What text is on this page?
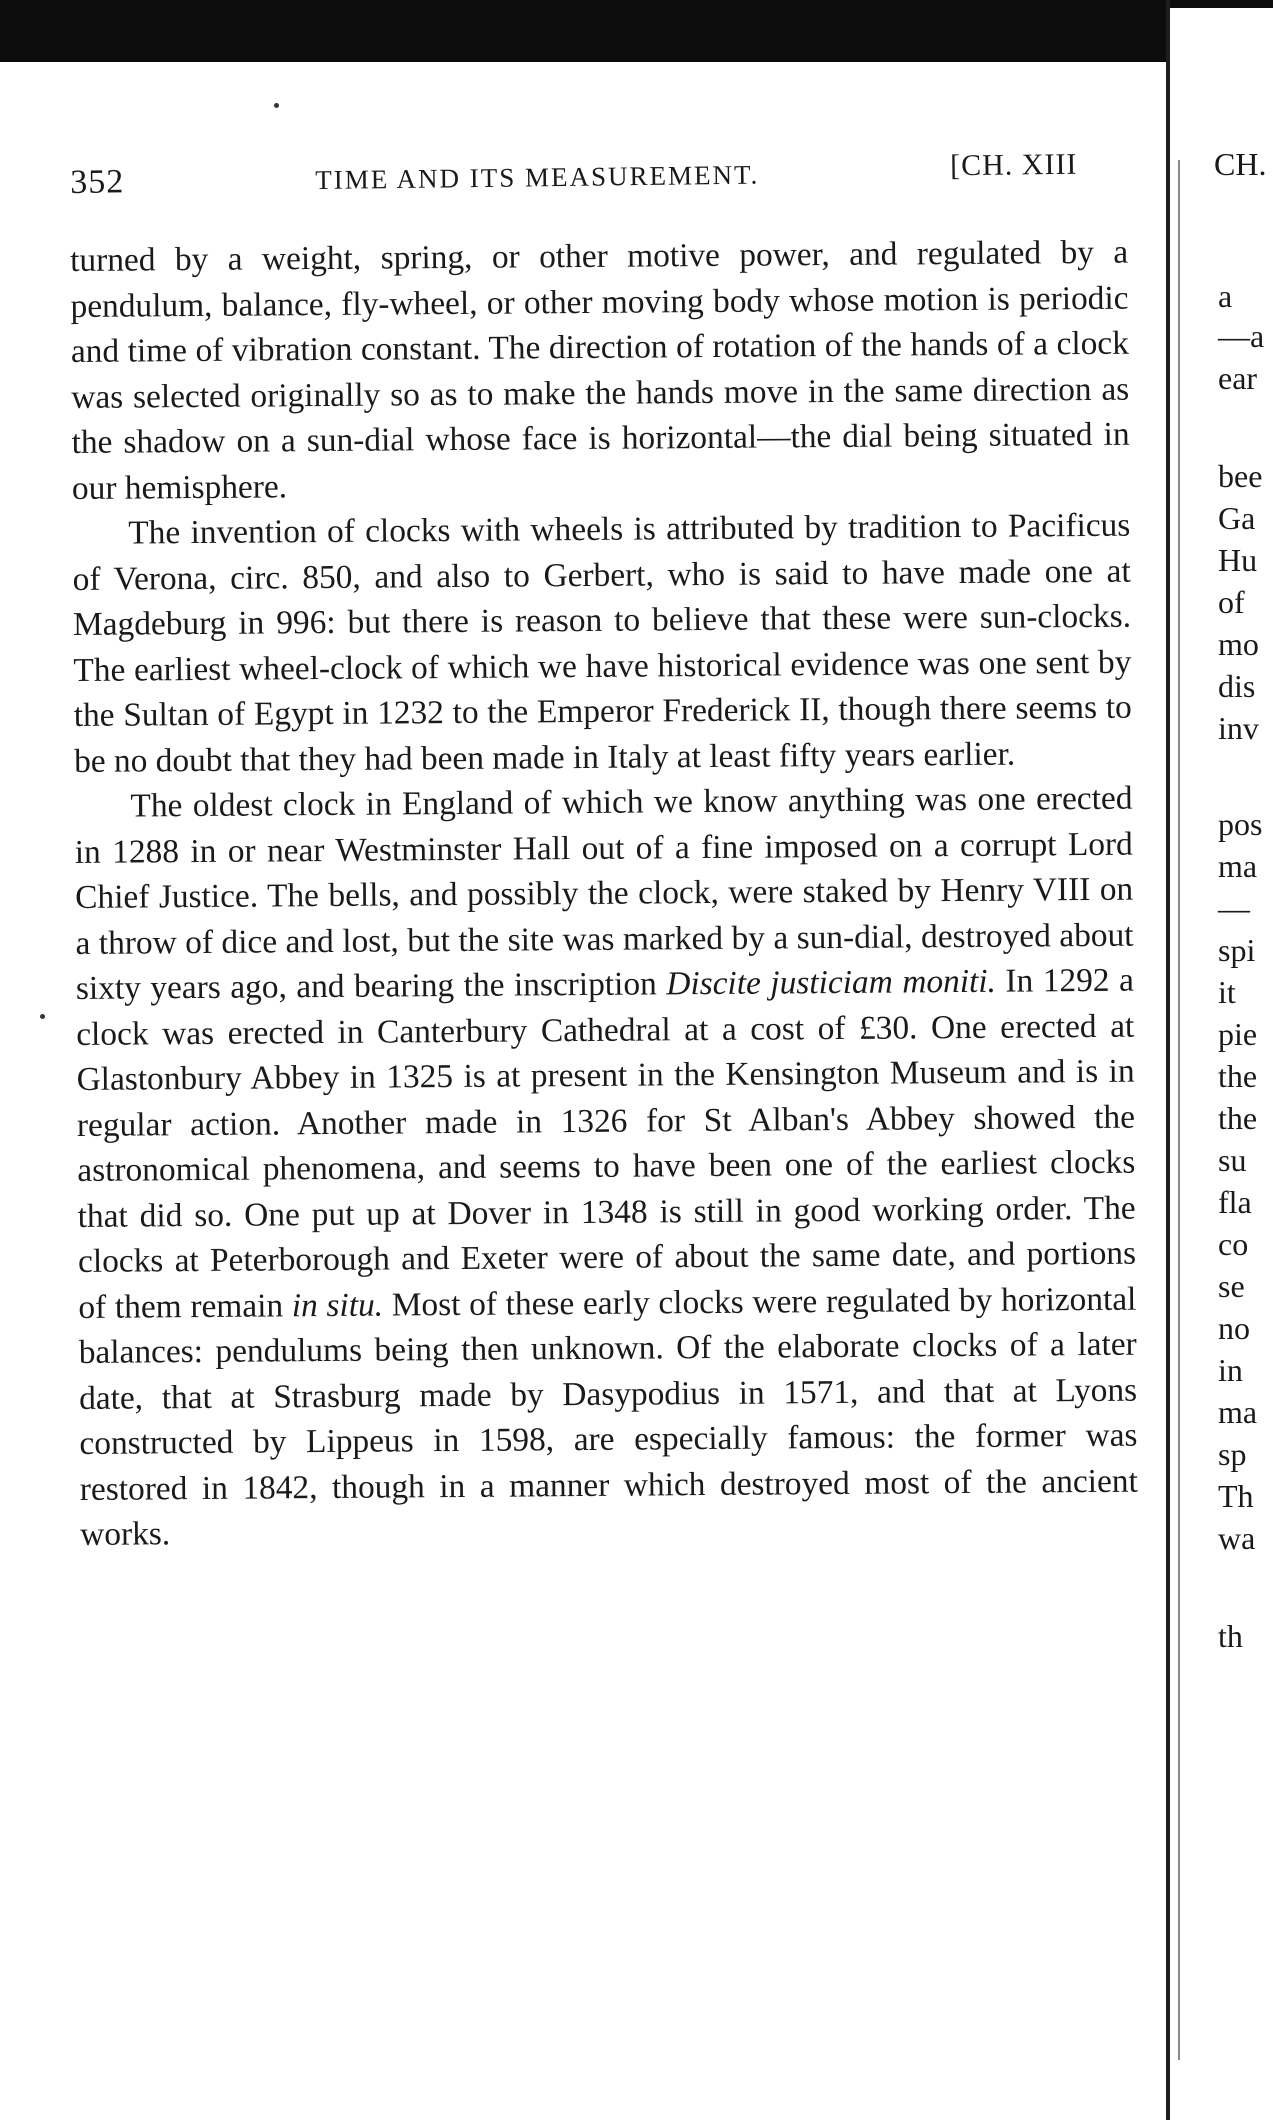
352	TIME AND ITS MEASUREMENT.	[CH. XIII

turned by a weight, spring, or other motive power, and regulated by a pendulum, balance, fly-wheel, or other moving body whose motion is periodic and time of vibration constant. The direction of rotation of the hands of a clock was selected originally so as to make the hands move in the same direction as the shadow on a sun-dial whose face is horizontal—the dial being situated in our hemisphere.

The invention of clocks with wheels is attributed by tradition to Pacificus of Verona, circ. 850, and also to Gerbert, who is said to have made one at Magdeburg in 996: but there is reason to believe that these were sun-clocks. The earliest wheel-clock of which we have historical evidence was one sent by the Sultan of Egypt in 1232 to the Emperor Frederick II, though there seems to be no doubt that they had been made in Italy at least fifty years earlier.

The oldest clock in England of which we know anything was one erected in 1288 in or near Westminster Hall out of a fine imposed on a corrupt Lord Chief Justice. The bells, and possibly the clock, were staked by Henry VIII on a throw of dice and lost, but the site was marked by a sun-dial, destroyed about sixty years ago, and bearing the inscription Discite justiciam moniti. In 1292 a clock was erected in Canterbury Cathedral at a cost of £30. One erected at Glastonbury Abbey in 1325 is at present in the Kensington Museum and is in regular action. Another made in 1326 for St Alban's Abbey showed the astronomical phenomena, and seems to have been one of the earliest clocks that did so. One put up at Dover in 1348 is still in good working order. The clocks at Peterborough and Exeter were of about the same date, and portions of them remain in situ. Most of these early clocks were regulated by horizontal balances: pendulums being then unknown. Of the elaborate clocks of a later date, that at Strasburg made by Dasypodius in 1571, and that at Lyons constructed by Lippeus in 1598, are especially famous: the former was restored in 1842, though in a manner which destroyed most of the ancient works.

CH.
a
—a
ear
bee
Ga
Hu
of
mo
dis
inv
pos
ma
—
spi
it
pie
the
the
su
fla
co
se
no
in
ma
sp
Th
wa
th
